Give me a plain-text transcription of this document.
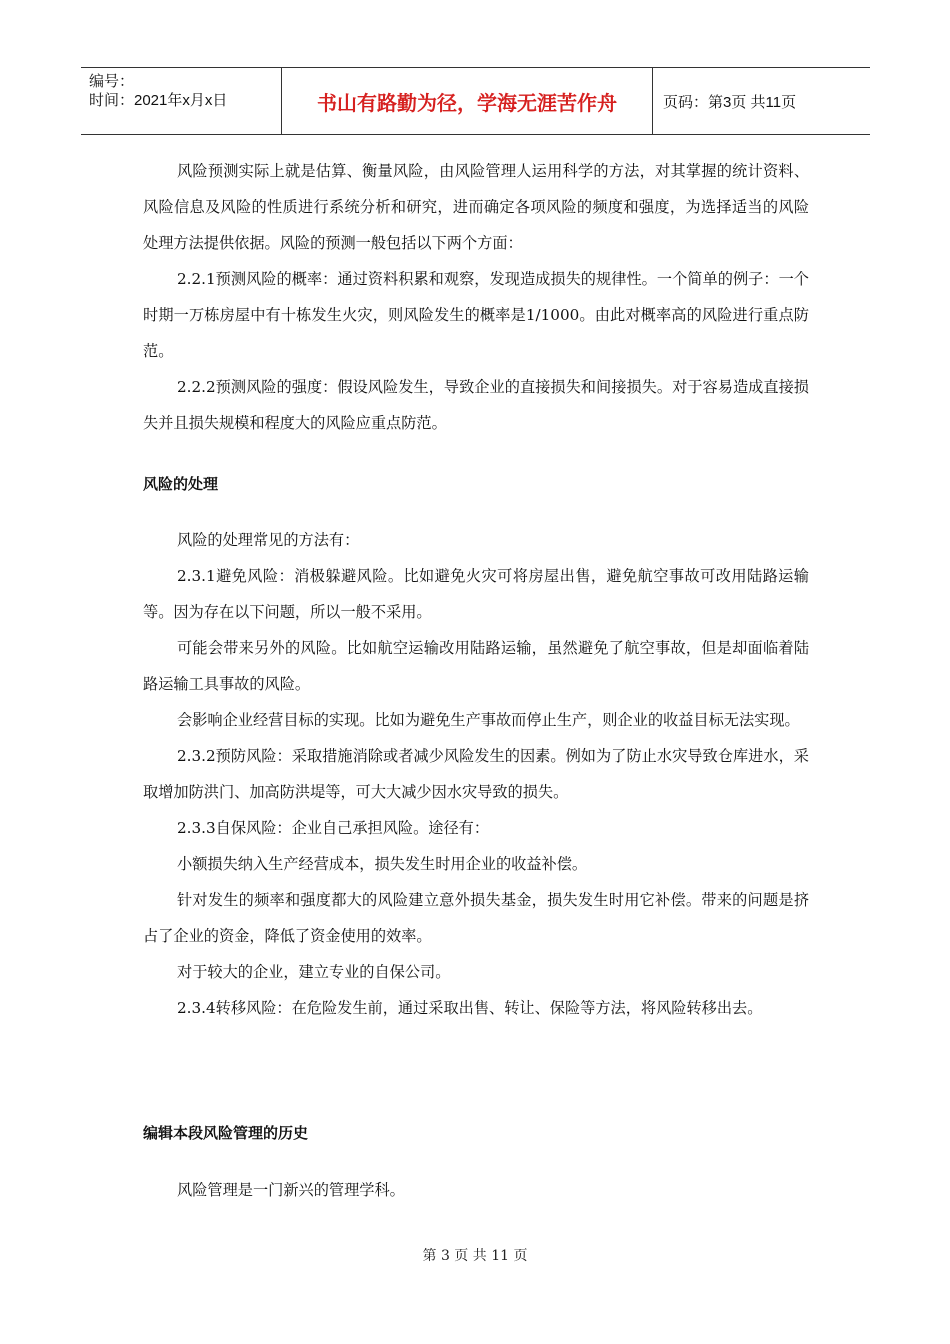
编号：
时间：2021年x月x日	书山有路勤为径，学海无涯苦作舟	页码：第3页 共11页

风险预测实际上就是估算、衡量风险，由风险管理人运用科学的方法，对其掌握的统计资料、风险信息及风险的性质进行系统分析和研究，进而确定各项风险的频度和强度，为选择适当的风险处理方法提供依据。风险的预测一般包括以下两个方面：

2.2.1预测风险的概率：通过资料积累和观察，发现造成损失的规律性。一个简单的例子：一个时期一万栋房屋中有十栋发生火灾，则风险发生的概率是1/1000。由此对概率高的风险进行重点防范。

2.2.2预测风险的强度：假设风险发生，导致企业的直接损失和间接损失。对于容易造成直接损失并且损失规模和程度大的风险应重点防范。

风险的处理

风险的处理常见的方法有：

2.3.1避免风险：消极躲避风险。比如避免火灾可将房屋出售，避免航空事故可改用陆路运输等。因为存在以下问题，所以一般不采用。

可能会带来另外的风险。比如航空运输改用陆路运输，虽然避免了航空事故，但是却面临着陆路运输工具事故的风险。

会影响企业经营目标的实现。比如为避免生产事故而停止生产，则企业的收益目标无法实现。

2.3.2预防风险：采取措施消除或者减少风险发生的因素。例如为了防止水灾导致仓库进水，采取增加防洪门、加高防洪堤等，可大大减少因水灾导致的损失。

2.3.3自保风险：企业自己承担风险。途径有：

小额损失纳入生产经营成本，损失发生时用企业的收益补偿。

针对发生的频率和强度都大的风险建立意外损失基金，损失发生时用它补偿。带来的问题是挤占了企业的资金，降低了资金使用的效率。

对于较大的企业，建立专业的自保公司。

2.3.4转移风险：在危险发生前，通过采取出售、转让、保险等方法，将风险转移出去。

编辑本段风险管理的历史

风险管理是一门新兴的管理学科。

第 3 页 共 11 页
